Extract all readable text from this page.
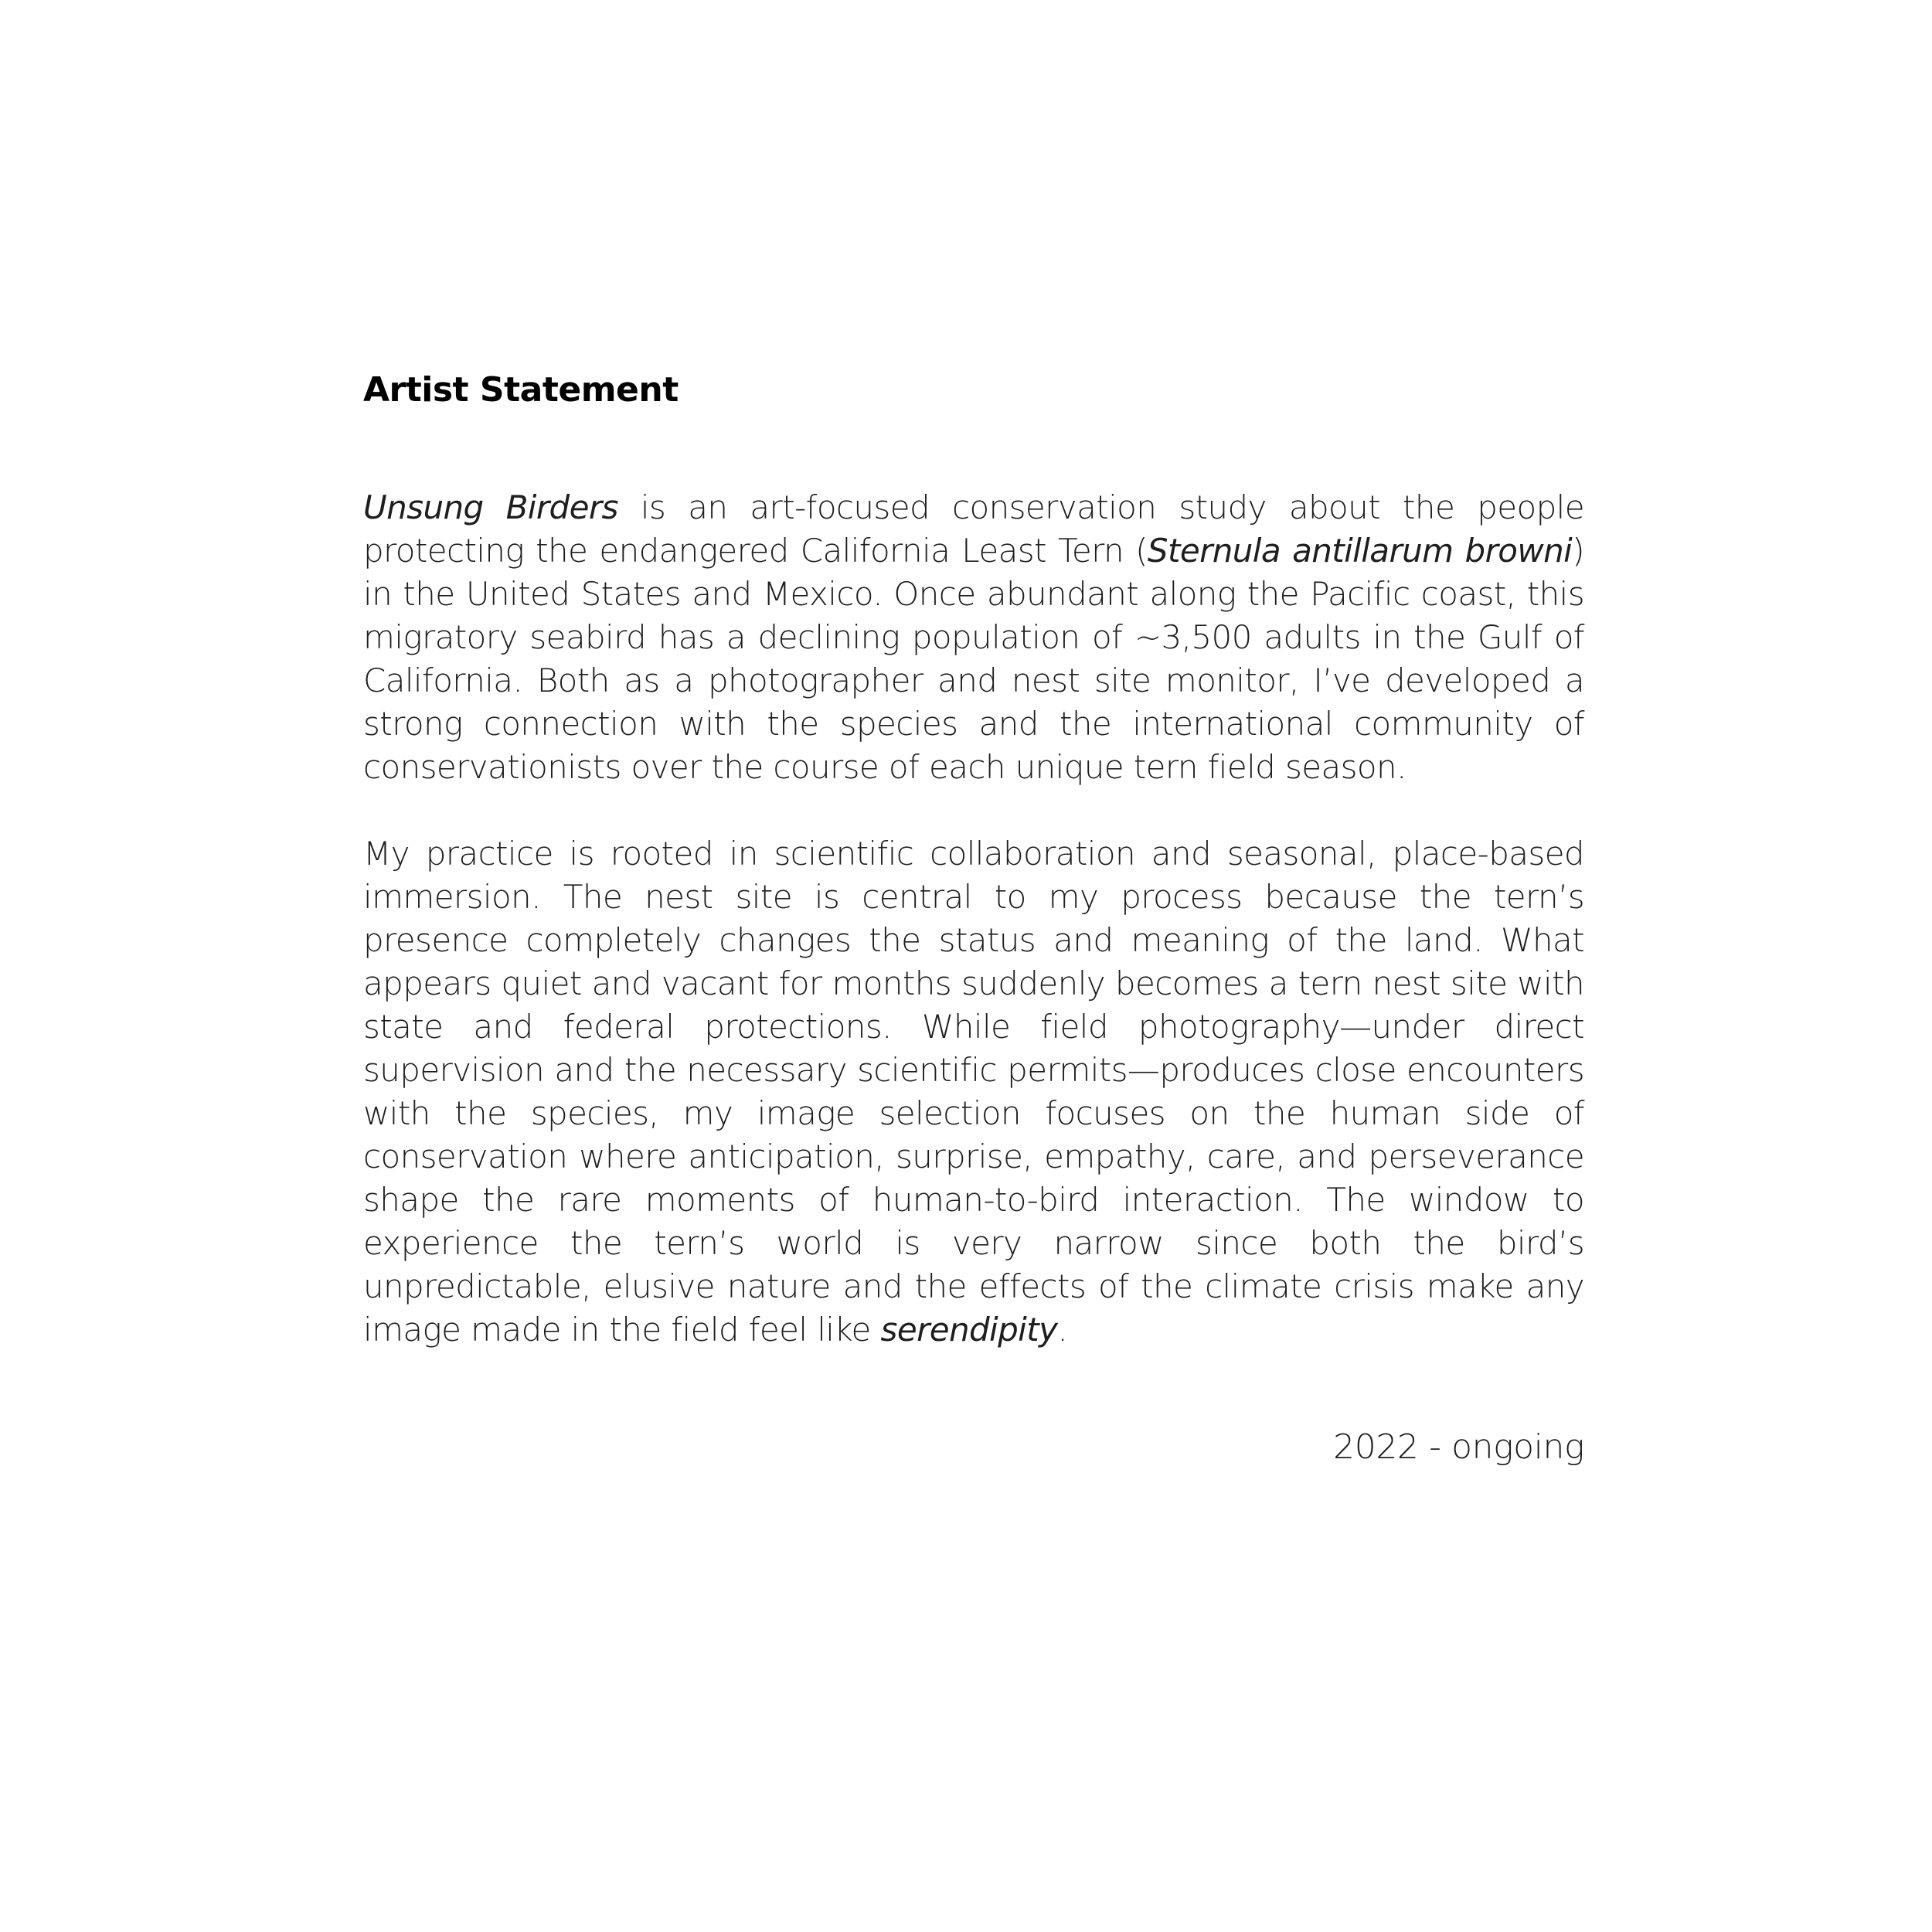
Artist Statement

Unsung Birders is an art-focused conservation study about the people protecting the endangered California Least Tern (Sternula antillarum browni) in the United States and Mexico. Once abundant along the Pacific coast, this migratory seabird has a declining population of ~3,500 adults in the Gulf of California. Both as a photographer and nest site monitor, I’ve developed a strong connection with the species and the international community of conservationists over the course of each unique tern field season.

My practice is rooted in scientific collaboration and seasonal, place-based immersion. The nest site is central to my process because the tern’s presence completely changes the status and meaning of the land. What appears quiet and vacant for months suddenly becomes a tern nest site with state and federal protections. While field photography—under direct supervision and the necessary scientific permits—produces close encounters with the species, my image selection focuses on the human side of conservation where anticipation, surprise, empathy, care, and perseverance shape the rare moments of human-to-bird interaction. The window to experience the tern’s world is very narrow since both the bird’s unpredictable, elusive nature and the effects of the climate crisis make any image made in the field feel like serendipity.

2022 - ongoing
